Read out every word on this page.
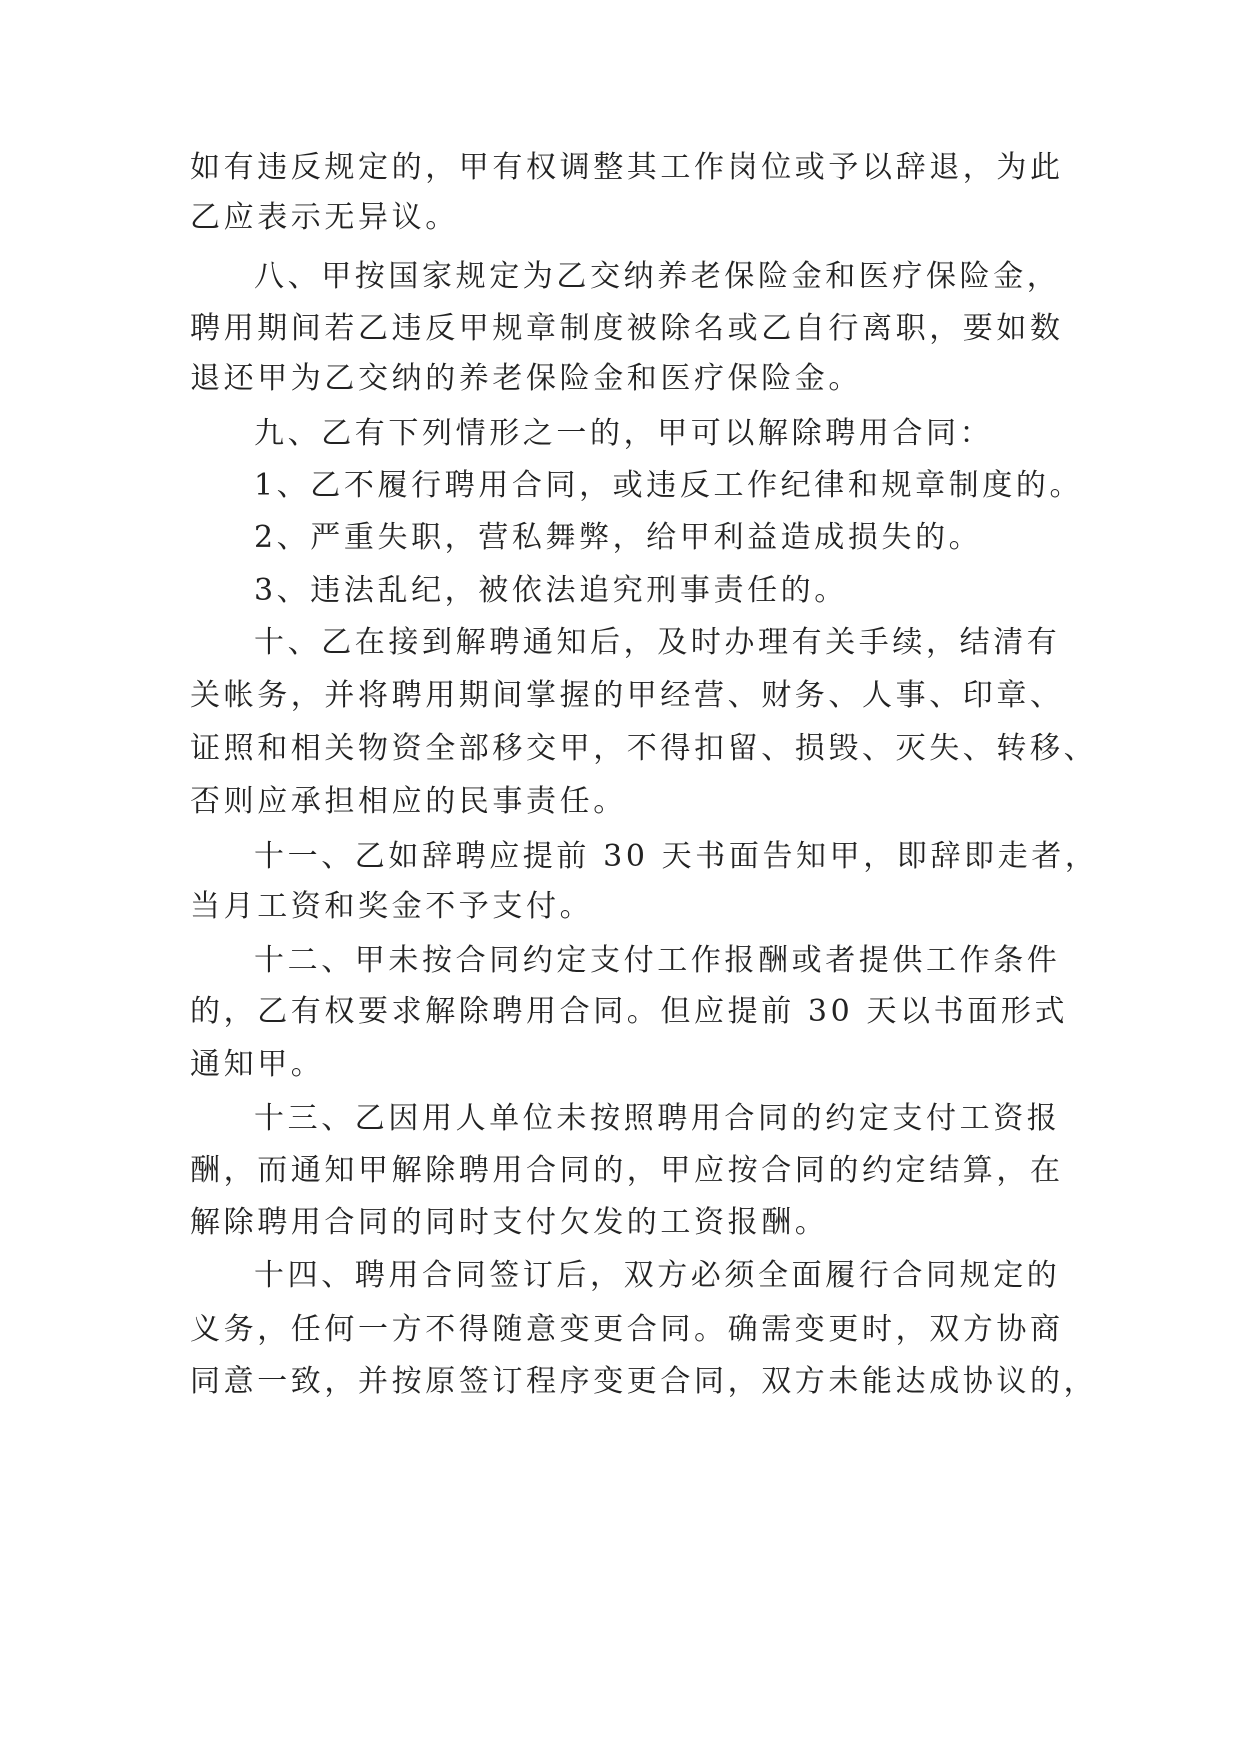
如有违反规定的，甲有权调整其工作岗位或予以辞退，为此
乙应表示无异议。
八、甲按国家规定为乙交纳养老保险金和医疗保险金，
聘用期间若乙违反甲规章制度被除名或乙自行离职，要如数
退还甲为乙交纳的养老保险金和医疗保险金。
九、乙有下列情形之一的，甲可以解除聘用合同：
1、乙不履行聘用合同，或违反工作纪律和规章制度的。
2、严重失职，营私舞弊，给甲利益造成损失的。
3、违法乱纪，被依法追究刑事责任的。
十、乙在接到解聘通知后，及时办理有关手续，结清有
关帐务，并将聘用期间掌握的甲经营、财务、人事、印章、
证照和相关物资全部移交甲，不得扣留、损毁、灭失、转移、
否则应承担相应的民事责任。
十一、乙如辞聘应提前 30 天书面告知甲，即辞即走者，
当月工资和奖金不予支付。
十二、甲未按合同约定支付工作报酬或者提供工作条件
的，乙有权要求解除聘用合同。但应提前 30 天以书面形式
通知甲。
十三、乙因用人单位未按照聘用合同的约定支付工资报
酬，而通知甲解除聘用合同的，甲应按合同的约定结算，在
解除聘用合同的同时支付欠发的工资报酬。
十四、聘用合同签订后，双方必须全面履行合同规定的
义务，任何一方不得随意变更合同。确需变更时，双方协商
同意一致，并按原签订程序变更合同，双方未能达成协议的，
